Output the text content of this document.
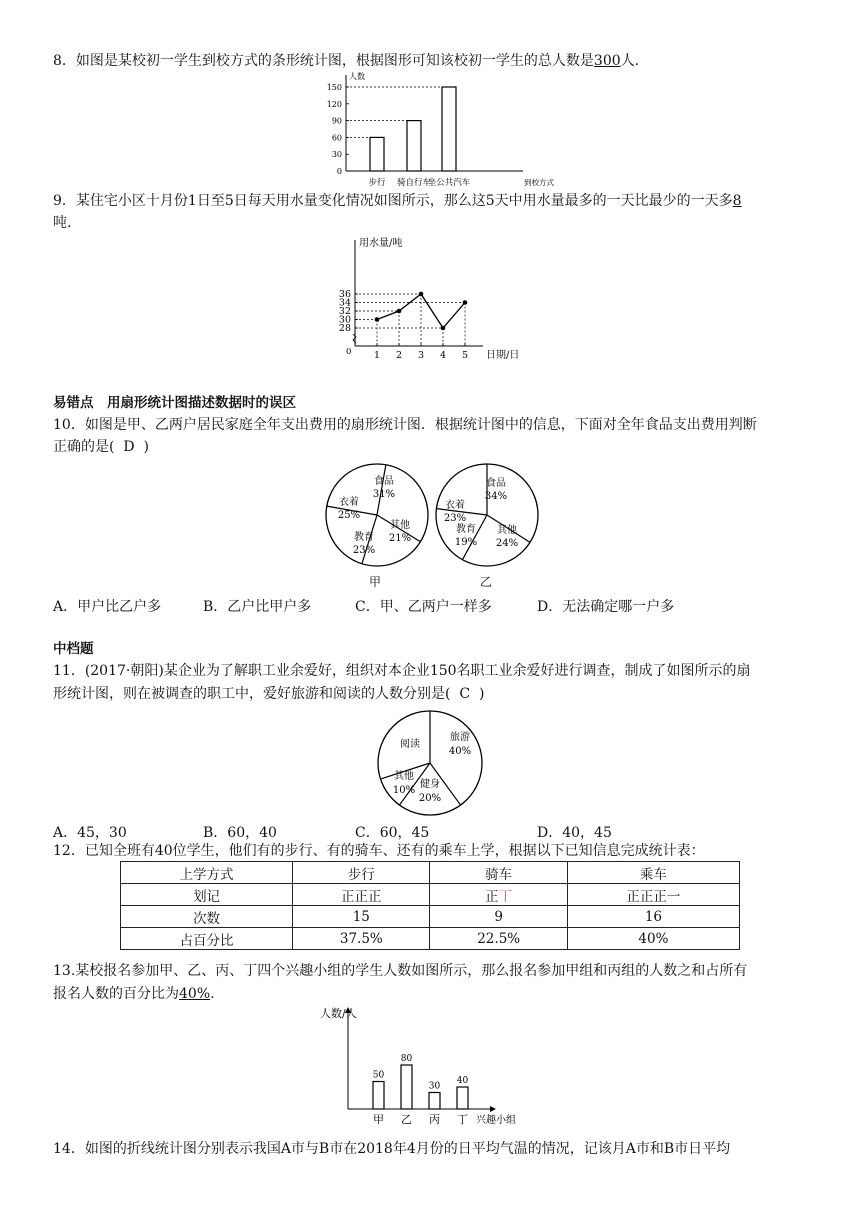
8．如图是某校初一学生到校方式的条形统计图，根据图形可知该校初一学生的总人数是300人.
人数
0
30
60
90
120
150
步行 骑自行车
坐公共汽车	到校方式
9．某住宅小区十月份1日至5日每天用水量变化情况如图所示，那么这5天中用水量最多的一天比最少的一天多8
吨.
用水量/吨
0
28
30
32
34
36
1 2 3 4 5 日期/日
易错点　 用扇形统计图描述数据时的误区
10．如图是甲、乙两户居民家庭全年支出费用的扇形统计图．根据统计图中的信息，下面对全年食品支出费用判断
正确的是( D )
食品
31%
衣着
25%
其他
21%
教育
23%
食品
34%
衣着
23%
教育
19%
其他
24%
甲	乙
A．甲户比乙户多	B．乙户比甲户多	C．甲、乙两户一样多	D．无法确定哪一户多
中档题
11．(2017·朝阳)某企业为了解职工业余爱好，组织对本企业150名职工业余爱好进行调查，制成了如图所示的扇
形统计图，则在被调查的职工中，爱好旅游和阅读的人数分别是( C )
阅读
旅游
40%
其他
10%
健身
20%
A．45，30	B．60，40	C．60，45	D．40，45
12．已知全班有40位学生，他们有的步行、有的骑车、还有的乘车上学，根据以下已知信息完成统计表：
上学方式	步行	骑车	乘车
划记	正正正	正丅	正正正一
次数	15	9	16
占百分比	37.5%	22.5%	40%
13.某校报名参加甲、乙、丙、丁四个兴趣小组的学生人数如图所示，那么报名参加甲组和丙组的人数之和占所有
报名人数的百分比为40%.
人数/人
50
甲
80
乙
30
丙
40
丁 兴趣小组
14．如图的折线统计图分别表示我国A市与B市在2018年4月份的日平均气温的情况，记该月A市和B市日平均
